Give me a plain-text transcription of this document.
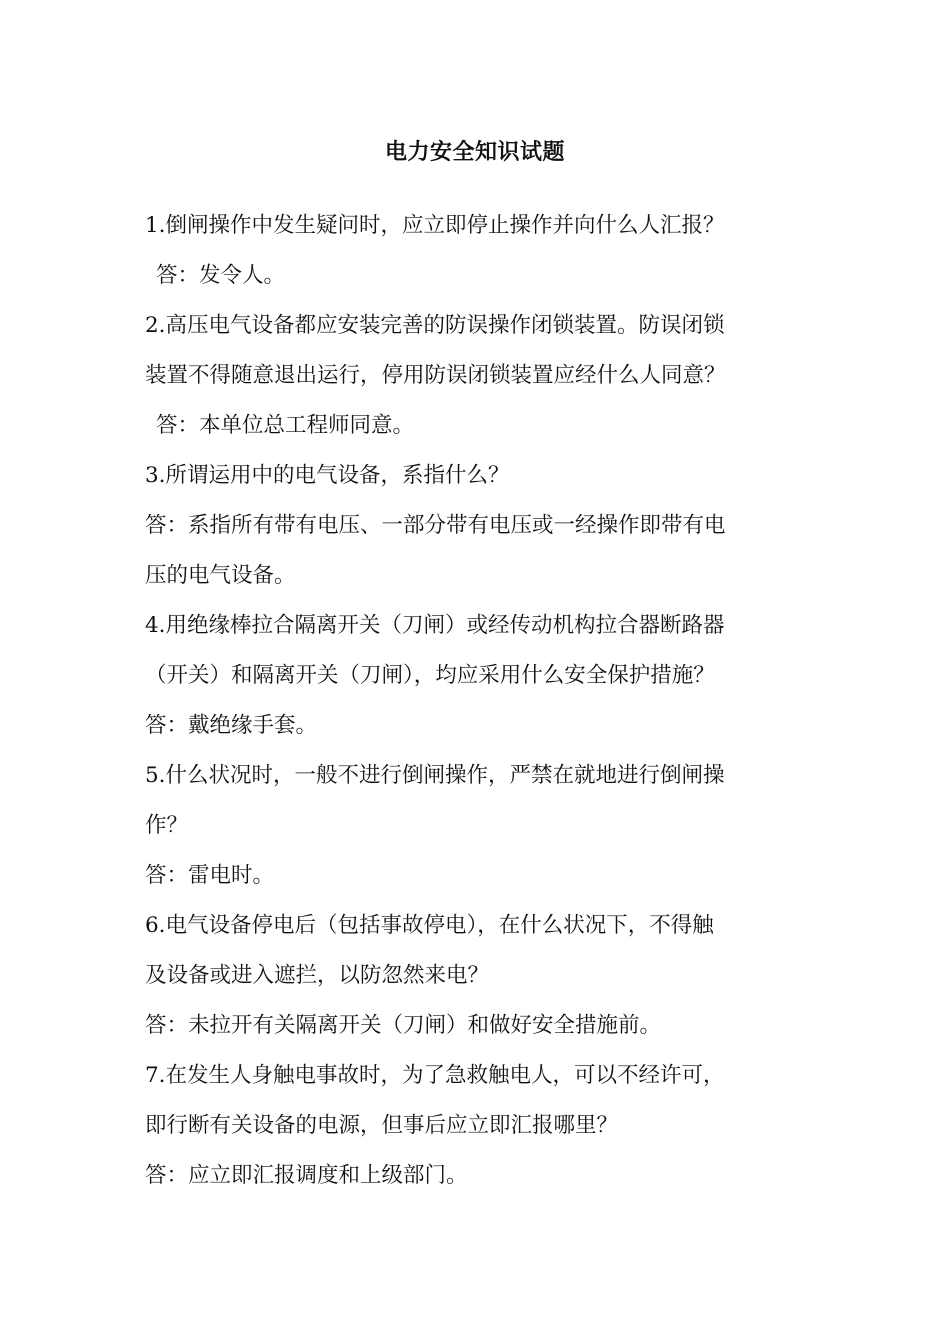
电力安全知识试题
1.倒闸操作中发生疑问时，应立即停止操作并向什么人汇报？
答：发令人。
2.高压电气设备都应安装完善的防误操作闭锁装置。防误闭锁
装置不得随意退出运行，停用防误闭锁装置应经什么人同意？
答：本单位总工程师同意。
3.所谓运用中的电气设备，系指什么？
答：系指所有带有电压、一部分带有电压或一经操作即带有电
压的电气设备。
4.用绝缘棒拉合隔离开关（刀闸）或经传动机构拉合器断路器
（开关）和隔离开关（刀闸），均应采用什么安全保护措施？
答：戴绝缘手套。
5.什么状况时，一般不进行倒闸操作，严禁在就地进行倒闸操
作？
答：雷电时。
6.电气设备停电后（包括事故停电），在什么状况下，不得触
及设备或进入遮拦，以防忽然来电？
答：未拉开有关隔离开关（刀闸）和做好安全措施前。
7.在发生人身触电事故时，为了急救触电人，可以不经许可，
即行断有关设备的电源，但事后应立即汇报哪里？
答：应立即汇报调度和上级部门。
